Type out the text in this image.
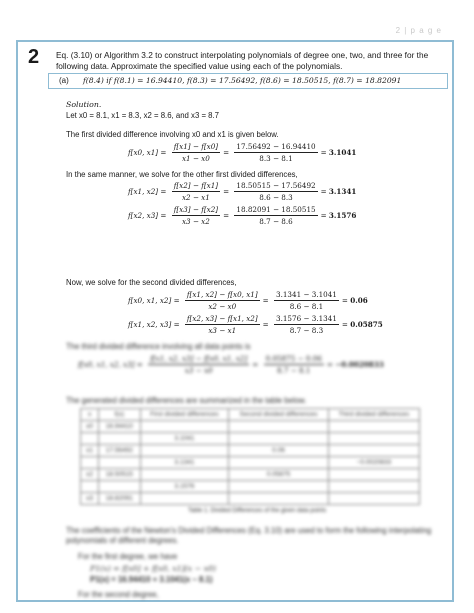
2 | p a g e
2 Eq. (3.10) or Algorithm 3.2 to construct interpolating polynomials of degree one, two, and three for the following data. Approximate the specified value using each of the polynomials.
(a) f(8.4) if f(8.1) = 16.94410, f(8.3) = 17.56492, f(8.6) = 18.50515, f(8.7) = 18.82091
Solution.
Let x0 = 8.1, x1 = 8.3, x2 = 8.6, and x3 = 8.7
The first divided difference involving x0 and x1 is given below.
f[x0, $x1] = \frac{f[x1] - f[x0]}{x1 - x0} = \frac{17.56492 - 16.94410}{8.3 - 8.1} = 3.1041$
In the same manner, we solve for the other first divided differences,
f[x1, $x2] = \frac{f[x2] - f[x1]}{x2 - x1} = \frac{18.50515 - 17.56492}{8.6 - 8.3} = 3.1341$
f[x2, $x3] = \frac{f[x3] - f[x2]}{x3 - x2} = \frac{18.82091 - 18.50515}{8.7 - 8.6} = 3.1576$
Now, we solve for the second divided differences,
f[x0, x1, $x2] = \frac{f[x1, x2] - f[x0, x1]}{x2 - x0} = \frac{3.1341 - 3.1041}{8.6 - 8.1} = 0.06$
f[x1, x2, $x3] = \frac{f[x2, x3] - f[x1, x2]}{x3 - x1} = \frac{3.1576 - 3.1341}{8.7 - 8.3} = 0.05875$
The third divided difference involving all data points is
f[x0, x1, x2, $x3] = \frac{f[x1, x2, x3] - f[x0, x1, x2]}{x3 - x0} = \frac{0.05875 - 0.06}{8.7 - 8.1} = -0.0020833$
The generated divided differences are summarized in the table below.
x	f(x)	First divided differences	Second divided differences	Third divided differences
x0	16.94410			
		3.1041		
x1	17.56492		0.06	
		3.1341		−0.0020833
x2	18.50515		0.05875	
		3.1576		
x3	18.82091			
Table 1. Divided Differences of the given data points
The coefficients of the Newton's Divided Differences (Eq. 3.10) are used to form the following interpolating polynomials of different degrees.
For the first degree, we have
P1(x) = f[x0] + f[x0, x1](x − x0)
P1(x) = 16.94410 + 3.1041(x − 8.1)
For the second degree,
